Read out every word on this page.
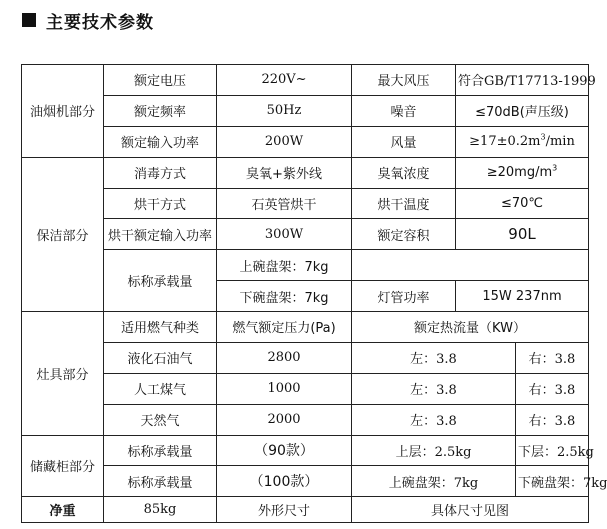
主要技术参数
油烟机部分	额定电压	220V~	最大风压	符合GB/T17713-1999	
	额定频率	50Hz	噪音	≤70dB(声压级)	
	额定输入功率	200W	风量	$\ge 17\pm 0.2m^3/\min$	
保洁部分	消毒方式	臭氧+紫外线	臭氧浓度	$\ge 20mg/m^3$
	烘干方式	石英管烘干	烘干温度	≤70℃	
	烘干额定输入功率	300W	额定容积	90L	
	标称承载量	上碗盘架：7kg			
		下碗盘架：7kg	灯管功率	15W 237nm	
灶具部分	适用燃气种类	燃气额定压力(Pa)	额定热流量（KW）		
	液化石油气	2800	左：3.8		右：3.8
	人工煤气	1000	左：3.8		右：3.8
	天然气	2000	左：3.8		右：3.8
储藏柜部分	标称承载量	（90款）	上层：2.5kg		下层：2.5kg
	标称承载量	（100款）	上碗盘架：7kg		下碗盘架：7kg
净重	85kg	外形尺寸	具体尺寸见图		
